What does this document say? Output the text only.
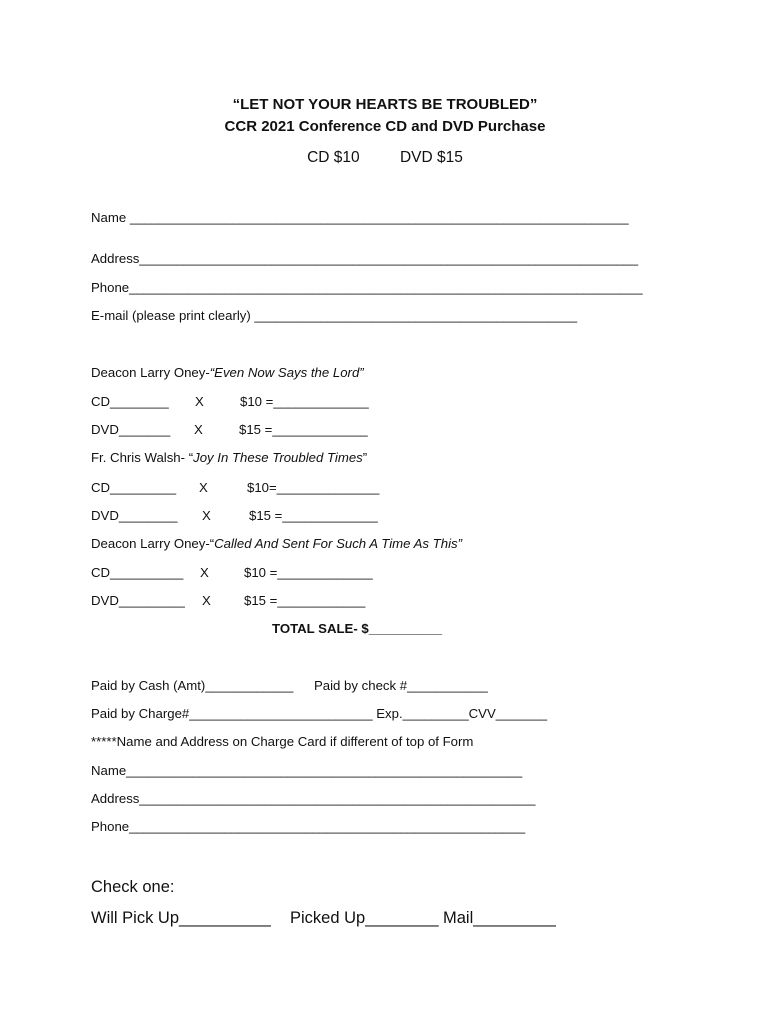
“LET NOT YOUR HEARTS BE TROUBLED”
CCR 2021 Conference CD and DVD Purchase
CD $10	DVD $15
Name ____________________________________________________________________
Address____________________________________________________________________
Phone______________________________________________________________________
E-mail (please print clearly) ____________________________________________
Deacon Larry Oney-“Even Now Says the Lord”
CD________ X	$10 =_____________
DVD_______ X	$15 =_____________
Fr. Chris Walsh- “Joy In These Troubled Times”
CD_________ X	$10=______________
DVD________ X	$15 =_____________
Deacon Larry Oney-“Called And Sent For Such A Time As This”
CD__________ X	$10 =_____________
DVD_________ X	$15 =____________
TOTAL SALE- $__________
Paid by Cash (Amt)____________ Paid by check #___________
Paid by Charge#_________________________ Exp._________CVV_______
*****Name and Address on Charge Card if different of top of Form
Name______________________________________________________
Address______________________________________________________
Phone______________________________________________________
Check one:
Will Pick Up__________ Picked Up________ Mail_________
